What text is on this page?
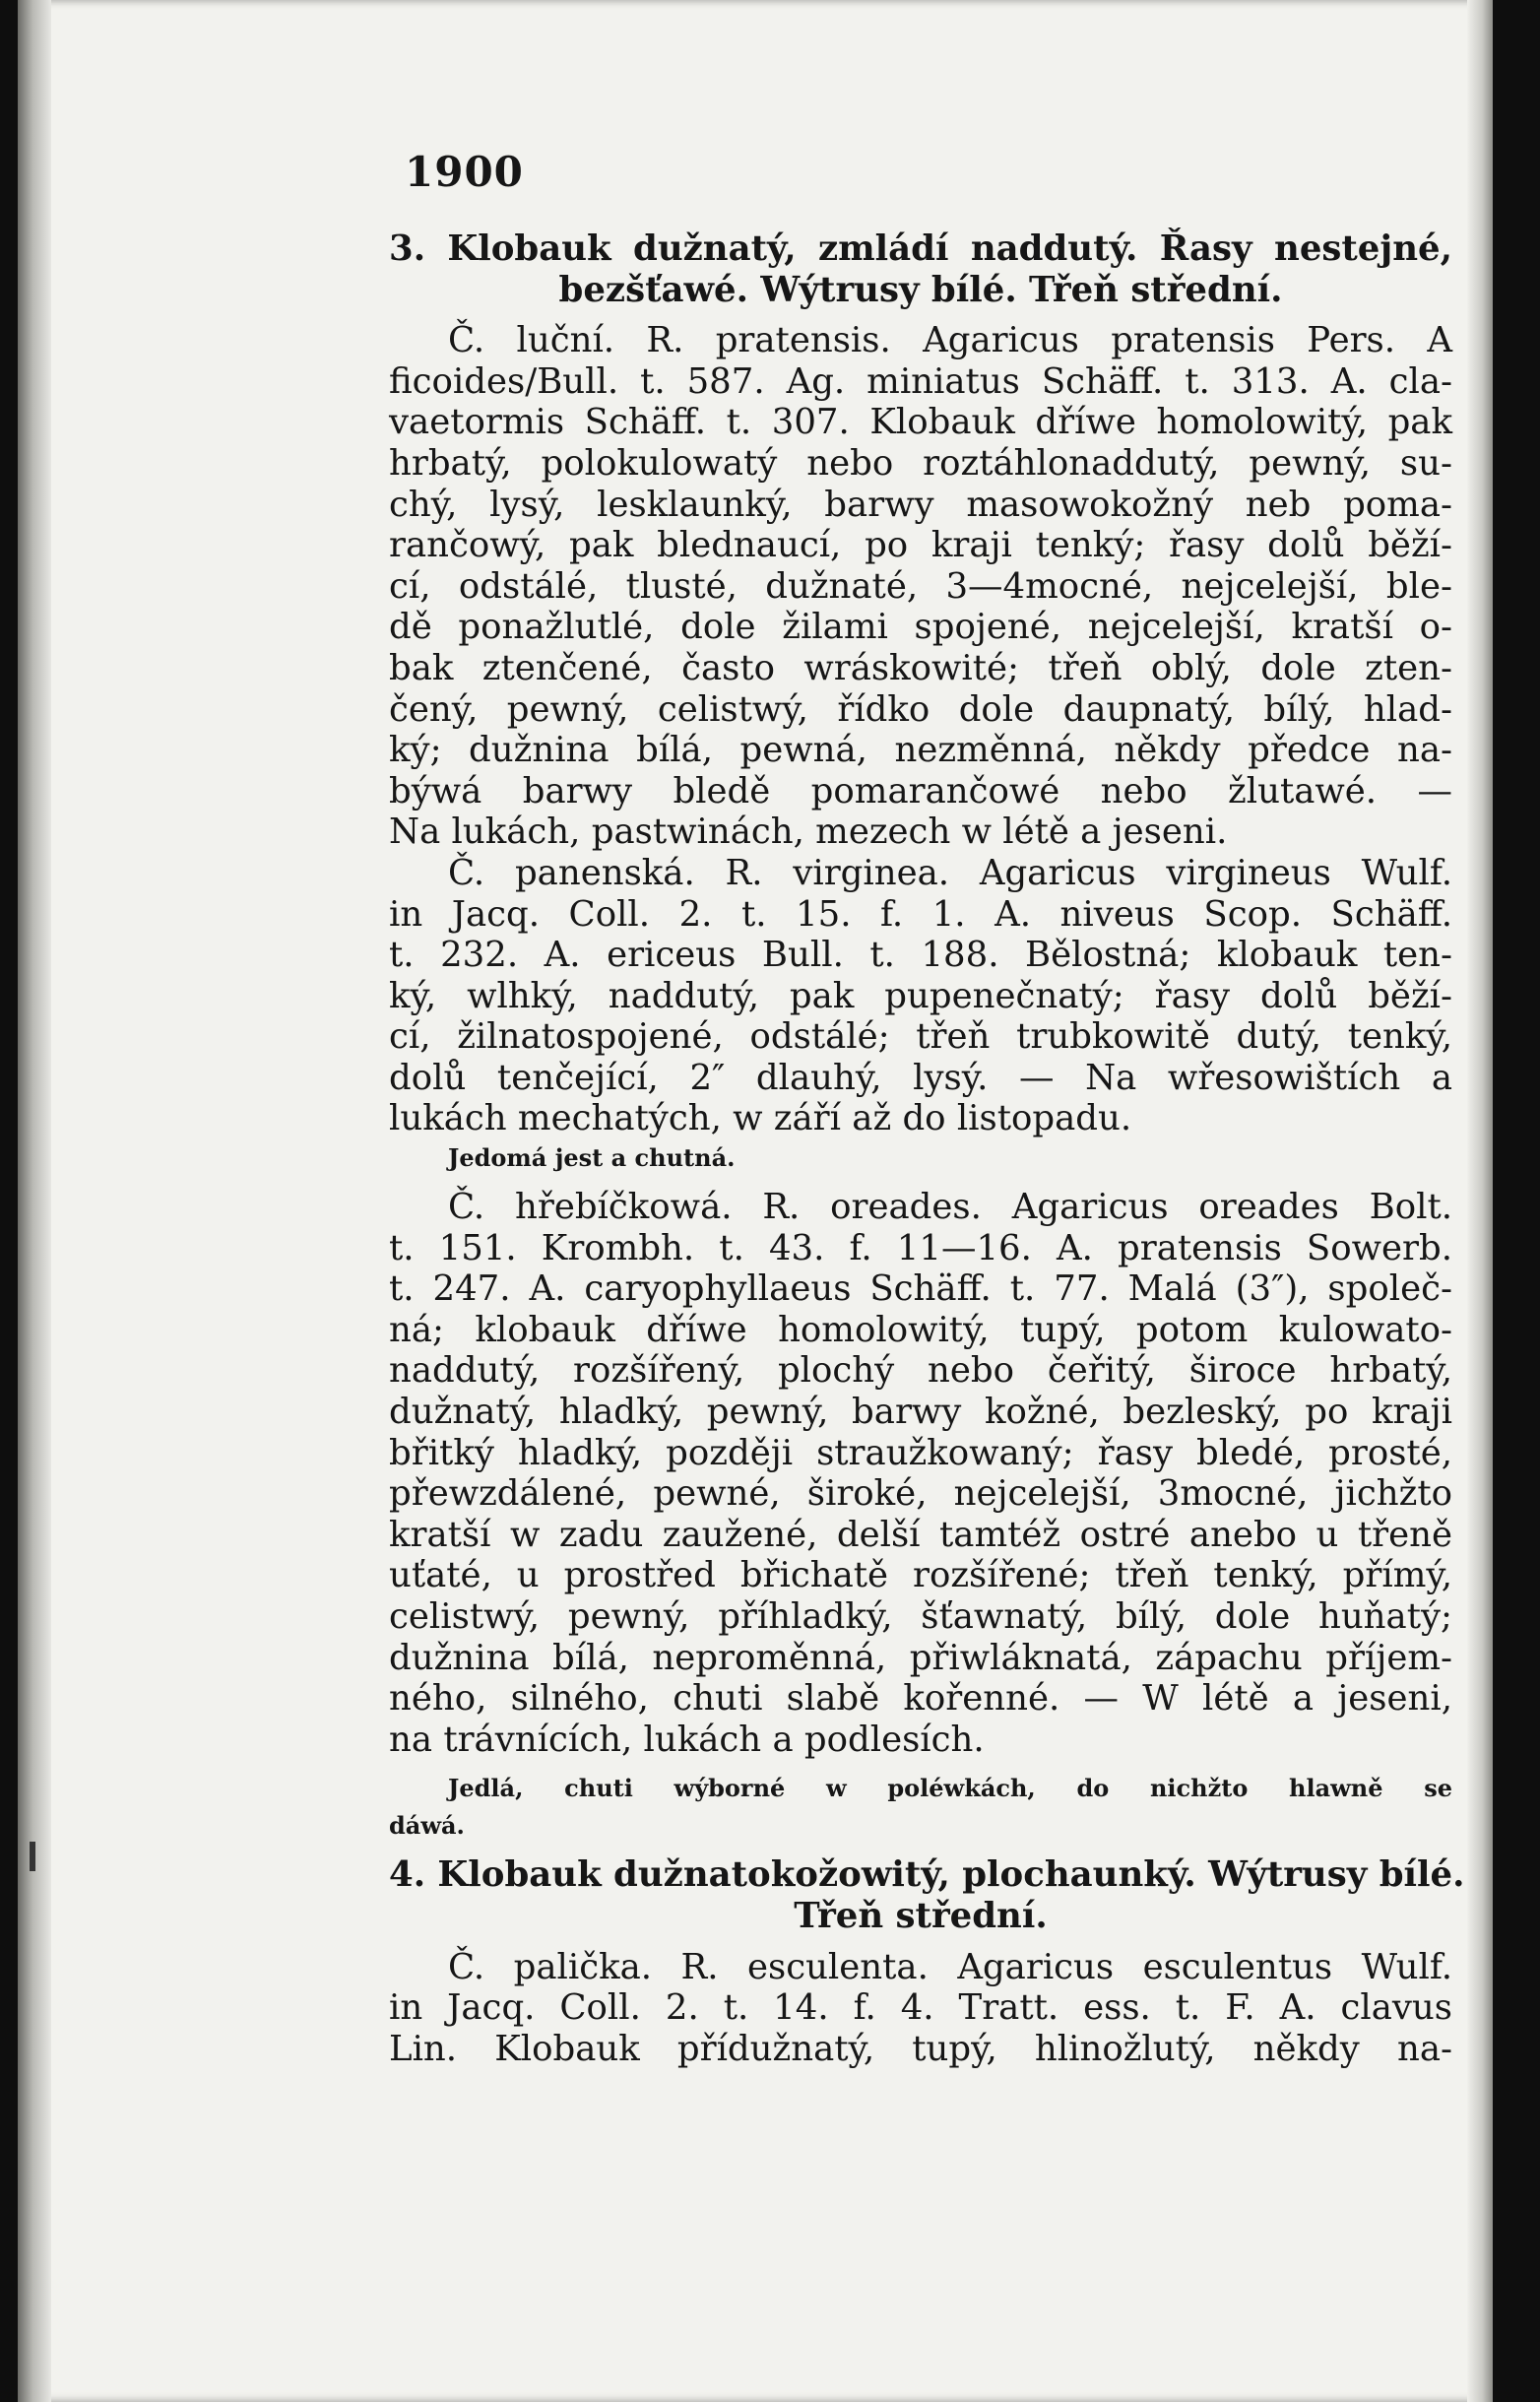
1900
3. Klobauk dužnatý, zmládí naddutý. Řasy nestejné,
bezšťawé. Wýtrusy bílé. Třeň střední.
Č. luční. R. pratensis. Agaricus pratensis Pers. A
ficoides/Bull. t. 587. Ag. miniatus Schäff. t. 313. A. cla-
vaetormis Schäff. t. 307. Klobauk dříwe homolowitý, pak
hrbatý, polokulowatý nebo roztáhlonaddutý, pewný, su-
chý, lysý, lesklaunký, barwy masowokožný neb poma-
rančowý, pak blednaucí, po kraji tenký; řasy dolů běží-
cí, odstálé, tlusté, dužnaté, 3—4mocné, nejcelejší, ble-
dě ponažlutlé, dole žilami spojené, nejcelejší, kratší o-
bak ztenčené, často wráskowité; třeň oblý, dole zten-
čený, pewný, celistwý, řídko dole daupnatý, bílý, hlad-
ký; dužnina bílá, pewná, nezměnná, někdy předce na-
býwá barwy bledě pomarančowé nebo žlutawé. —
Na lukách, pastwinách, mezech w létě a jeseni.
Č. panenská. R. virginea. Agaricus virgineus Wulf.
in Jacq. Coll. 2. t. 15. f. 1. A. niveus Scop. Schäff.
t. 232. A. ericeus Bull. t. 188. Bělostná; klobauk ten-
ký, wlhký, naddutý, pak pupenečnatý; řasy dolů běží-
cí, žilnatospojené, odstálé; třeň trubkowitě dutý, tenký,
dolů tenčející, 2″ dlauhý, lysý. — Na wřesowištích a
lukách mechatých, w září až do listopadu.
Jedomá jest a chutná.
Č. hřebíčkowá. R. oreades. Agaricus oreades Bolt.
t. 151. Krombh. t. 43. f. 11—16. A. pratensis Sowerb.
t. 247. A. caryophyllaeus Schäff. t. 77. Malá (3″), společ-
ná; klobauk dříwe homolowitý, tupý, potom kulowato-
naddutý, rozšířený, plochý nebo čeřitý, široce hrbatý,
dužnatý, hladký, pewný, barwy kožné, bezleský, po kraji
břitký hladký, později straužkowaný; řasy bledé, prosté,
přewzdálené, pewné, široké, nejcelejší, 3mocné, jichžto
kratší w zadu zaužené, delší tamtéž ostré anebo u třeně
uťaté, u prostřed břichatě rozšířené; třeň tenký, přímý,
celistwý, pewný, příhladký, šťawnatý, bílý, dole huňatý;
dužnina bílá, neproměnná, přiwláknatá, zápachu příjem-
ného, silného, chuti slabě kořenné. — W létě a jeseni,
na trávnících, lukách a podlesích.
Jedlá, chuti wýborné w poléwkách, do nichžto hlawně se
dáwá.
4. Klobauk dužnatokožowitý, plochaunký. Wýtrusy bílé.
Třeň střední.
Č. palička. R. esculenta. Agaricus esculentus Wulf.
in Jacq. Coll. 2. t. 14. f. 4. Tratt. ess. t. F. A. clavus
Lin. Klobauk přídužnatý, tupý, hlinožlutý, někdy na-
